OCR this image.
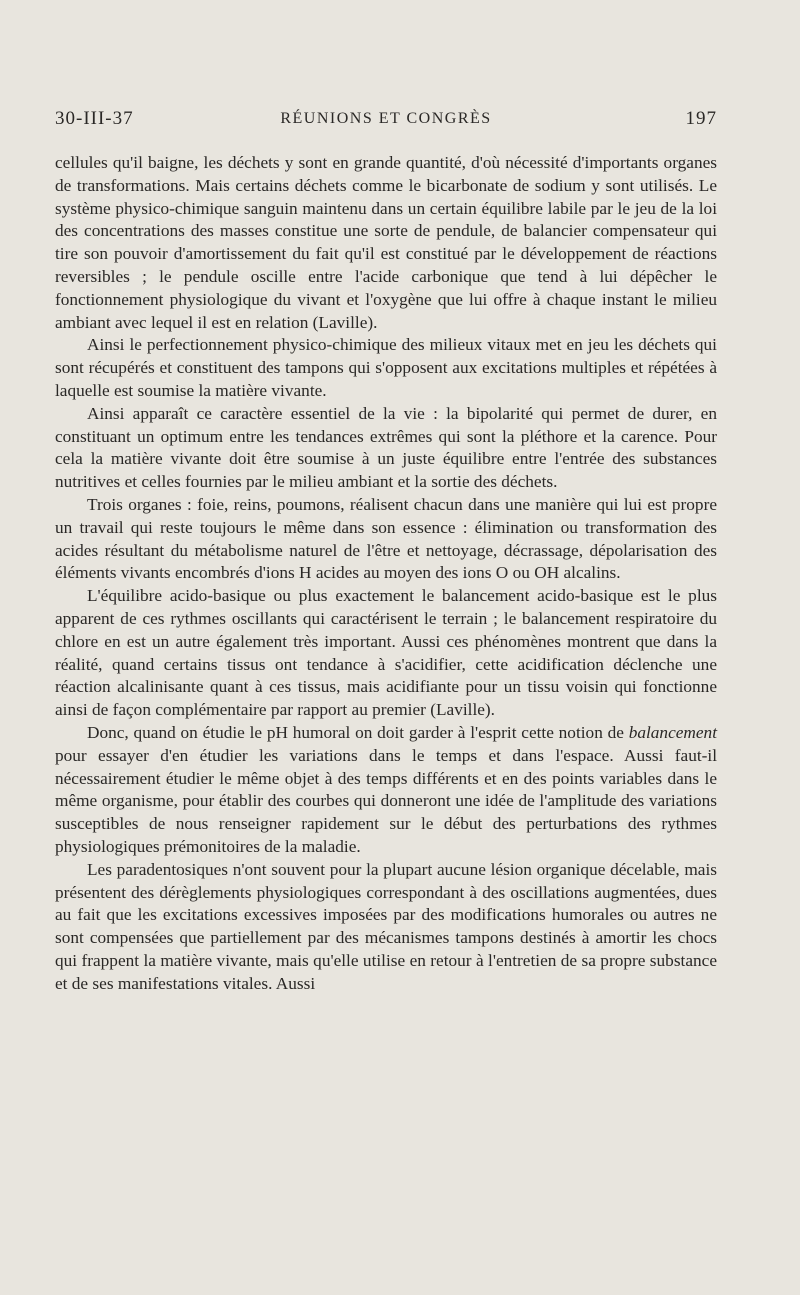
30-III-37	RÉUNIONS ET CONGRÈS	197

cellules qu'il baigne, les déchets y sont en grande quantité, d'où nécessité d'importants organes de transformations. Mais certains déchets comme le bicarbonate de sodium y sont utilisés. Le système physico-chimique sanguin maintenu dans un certain équilibre labile par le jeu de la loi des concentrations des masses constitue une sorte de pendule, de balancier compensateur qui tire son pouvoir d'amortissement du fait qu'il est constitué par le développement de réactions reversibles ; le pendule oscille entre l'acide carbonique que tend à lui dépêcher le fonctionnement physiologique du vivant et l'oxygène que lui offre à chaque instant le milieu ambiant avec lequel il est en relation (Laville).

Ainsi le perfectionnement physico-chimique des milieux vitaux met en jeu les déchets qui sont récupérés et constituent des tampons qui s'opposent aux excitations multiples et répétées à laquelle est soumise la matière vivante.

Ainsi apparaît ce caractère essentiel de la vie : la bipolarité qui permet de durer, en constituant un optimum entre les tendances extrêmes qui sont la pléthore et la carence. Pour cela la matière vivante doit être soumise à un juste équilibre entre l'entrée des substances nutritives et celles fournies par le milieu ambiant et la sortie des déchets.

Trois organes : foie, reins, poumons, réalisent chacun dans une manière qui lui est propre un travail qui reste toujours le même dans son essence : élimination ou transformation des acides résultant du métabolisme naturel de l'être et nettoyage, décrassage, dépolarisation des éléments vivants encombrés d'ions H acides au moyen des ions O ou OH alcalins.

L'équilibre acido-basique ou plus exactement le balancement acido-basique est le plus apparent de ces rythmes oscillants qui caractérisent le terrain ; le balancement respiratoire du chlore en est un autre également très important. Aussi ces phénomènes montrent que dans la réalité, quand certains tissus ont tendance à s'acidifier, cette acidification déclenche une réaction alcalinisante quant à ces tissus, mais acidifiante pour un tissu voisin qui fonctionne ainsi de façon complémentaire par rapport au premier (Laville).

Donc, quand on étudie le pH humoral on doit garder à l'esprit cette notion de balancement pour essayer d'en étudier les variations dans le temps et dans l'espace. Aussi faut-il nécessairement étudier le même objet à des temps différents et en des points variables dans le même organisme, pour établir des courbes qui donneront une idée de l'amplitude des variations susceptibles de nous renseigner rapidement sur le début des perturbations des rythmes physiologiques prémonitoires de la maladie.

Les paradentosiques n'ont souvent pour la plupart aucune lésion organique décelable, mais présentent des dérèglements physiologiques correspondant à des oscillations augmentées, dues au fait que les excitations excessives imposées par des modifications humorales ou autres ne sont compensées que partiellement par des mécanismes tampons destinés à amortir les chocs qui frappent la matière vivante, mais qu'elle utilise en retour à l'entretien de sa propre substance et de ses manifestations vitales. Aussi
